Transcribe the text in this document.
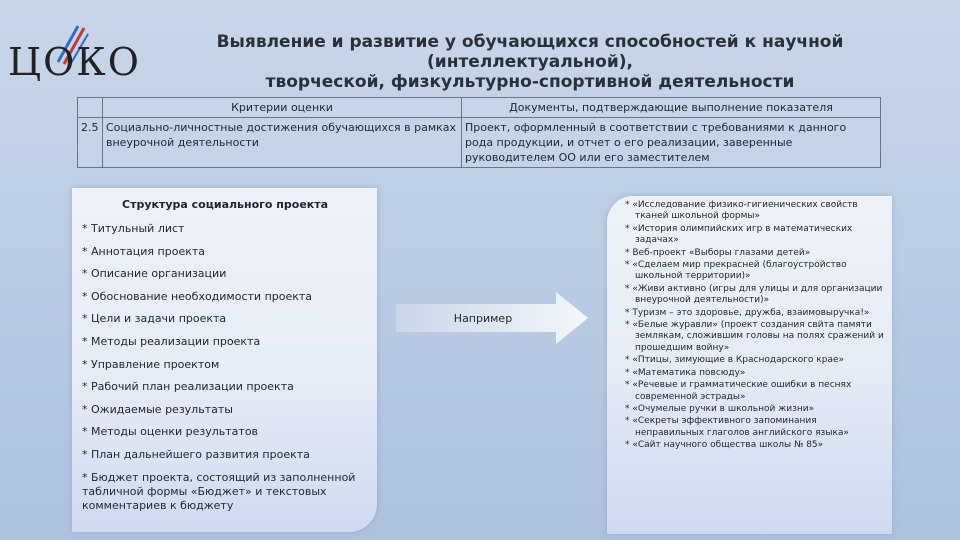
ЦОКО	Выявление и развитие у обучающихся способностей к научной (интеллектуальной),
творческой, физкультурно-спортивной деятельности
	Критерии оценки	Документы, подтверждающие выполнение показателя
2.5	Социально-личностные достижения обучающихся в рамках внеурочной деятельности	Проект, оформленный в соответствии с требованиями к данного рода продукции, и отчет о его реализации, заверенные руководителем ОО или его заместителем
Структура социального проекта
* Титульный лист
* Аннотация проекта
* Описание организации
* Обоснование необходимости проекта
* Цели и задачи проекта
* Методы реализации проекта
* Управление проектом
* Рабочий план реализации проекта
* Ожидаемые результаты
* Методы оценки результатов
* План дальнейшего развития проекта
* Бюджет проекта, состоящий из заполненной табличной формы «Бюджет» и текстовых комментариев к бюджету
Например
* «Исследование физико-гигиенических свойств тканей школьной формы»
* «История олимпийских игр в математических задачах»
* Веб-проект «Выборы глазами детей»
* «Сделаем мир прекрасней (благоустройство школьной территории)»
* «Живи активно (игры для улицы и для организации внеурочной деятельности)»
* Туризм – это здоровье, дружба, взаимовыручка!»
* «Белые журавли» (проект создания свйта памяти землякам, сложившим головы на полях сражений и прошедшим войну»
* «Птицы, зимующие в Краснодарского крае»
* «Математика повсюду»
* «Речевые и грамматические ошибки в песнях современной эстрады»
* «Очумелые ручки в школьной жизни»
* «Секреты эффективного запоминания неправильных глаголов английского языка»
* «Сайт научного общества школы № 85»
